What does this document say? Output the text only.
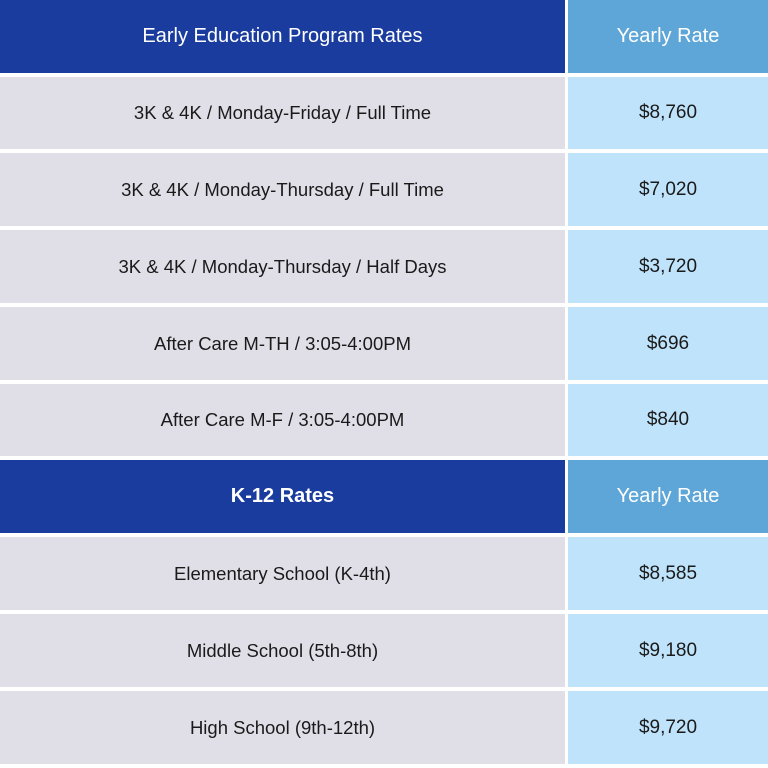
Early Education Program Rates	Yearly Rate
3K & 4K / Monday-Friday / Full Time	$8,760
3K & 4K / Monday-Thursday / Full Time	$7,020
3K & 4K / Monday-Thursday / Half Days	$3,720
After Care M-TH / 3:05-4:00PM	$696
After Care M-F / 3:05-4:00PM	$840
K-12 Rates	Yearly Rate
Elementary School (K-4th)	$8,585
Middle School (5th-8th)	$9,180
High School (9th-12th)	$9,720
